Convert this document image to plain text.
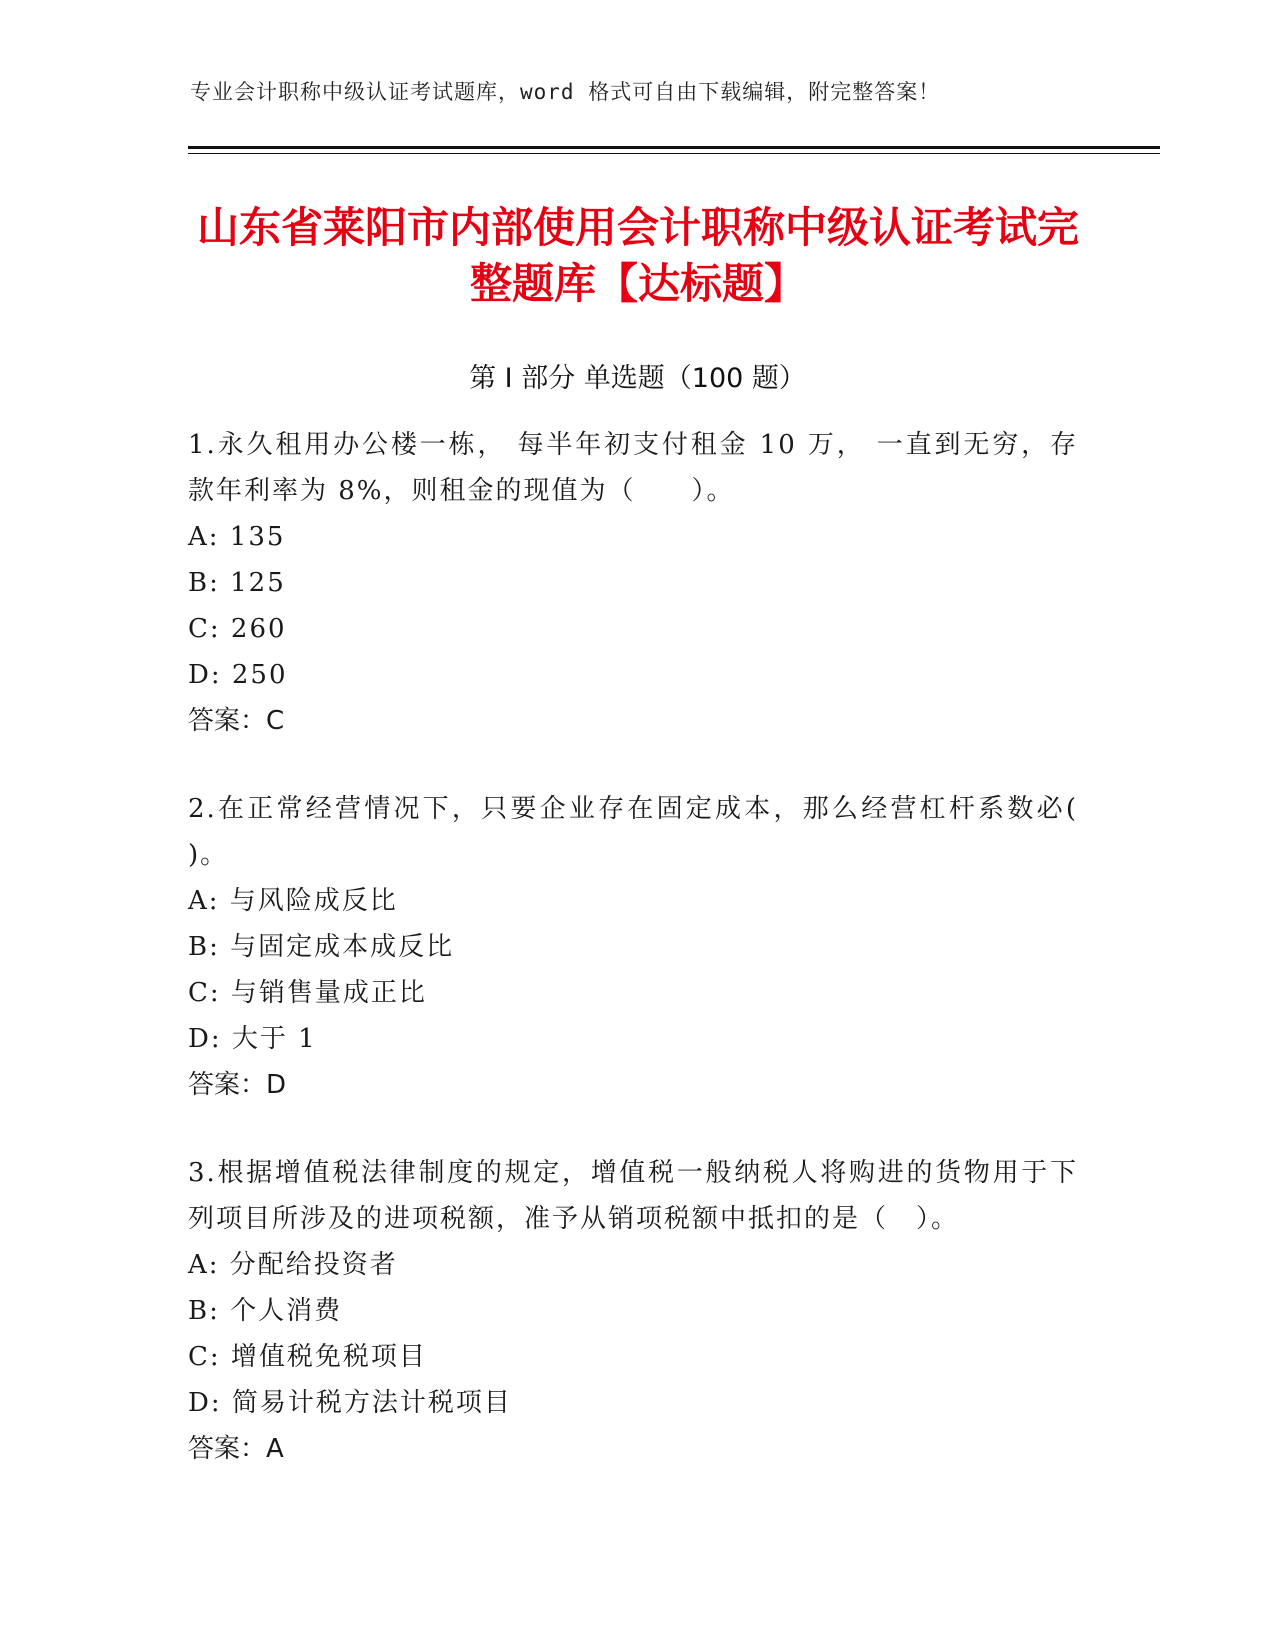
专业会计职称中级认证考试题库，word 格式可自由下载编辑，附完整答案！
山东省莱阳市内部使用会计职称中级认证考试完整题库【达标题】
第 I 部分 单选题（100 题）

1.永久租用办公楼一栋， 每半年初支付租金 10 万， 一直到无穷，存款年利率为 8%，则租金的现值为（　　）。

A: 135

B: 125

C: 260

D: 250

答案：C

2.在正常经营情况下，只要企业存在固定成本，那么经营杠杆系数必( )。

A: 与风险成反比

B: 与固定成本成反比

C: 与销售量成正比

D: 大于 1

答案：D

3.根据增值税法律制度的规定，增值税一般纳税人将购进的货物用于下列项目所涉及的进项税额，准予从销项税额中抵扣的是（　）。

A: 分配给投资者

B: 个人消费

C: 增值税免税项目

D: 简易计税方法计税项目

答案：A
